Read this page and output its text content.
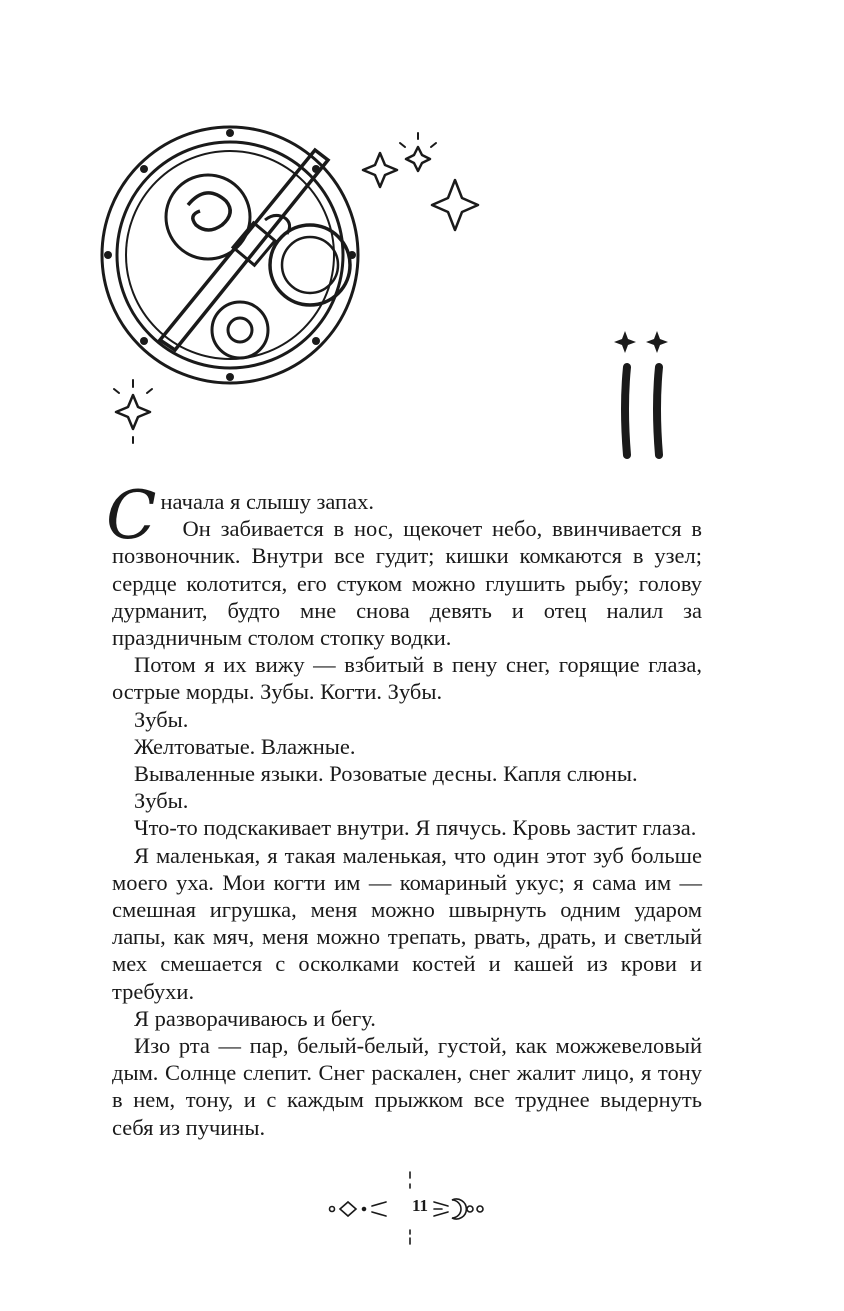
Сначала я слышу запах.

Он забивается в нос, щекочет небо, ввинчивается в позвоночник. Внутри все гудит; кишки комкаются в узел; сердце колотится, его стуком можно глушить рыбу; голову дурманит, будто мне снова девять и отец налил за праздничным столом стопку водки.

Потом я их вижу — взбитый в пену снег, горящие глаза, острые морды. Зубы. Когти. Зубы.

Зубы.

Желтоватые. Влажные.

Вываленные языки. Розоватые десны. Капля слюны.

Зубы.

Что-то подскакивает внутри. Я пячусь. Кровь застит глаза.

Я маленькая, я такая маленькая, что один этот зуб больше моего уха. Мои когти им — комариный укус; я сама им — смешная игрушка, меня можно швырнуть одним ударом лапы, как мяч, меня можно трепать, рвать, драть, и светлый мех смешается с осколками костей и кашей из крови и требухи.

Я разворачиваюсь и бегу.

Изо рта — пар, белый-белый, густой, как можжевеловый дым. Солнце слепит. Снег раскален, снег жалит лицо, я тону в нем, тону, и с каждым прыжком все труднее выдернуть себя из пучины.

11
